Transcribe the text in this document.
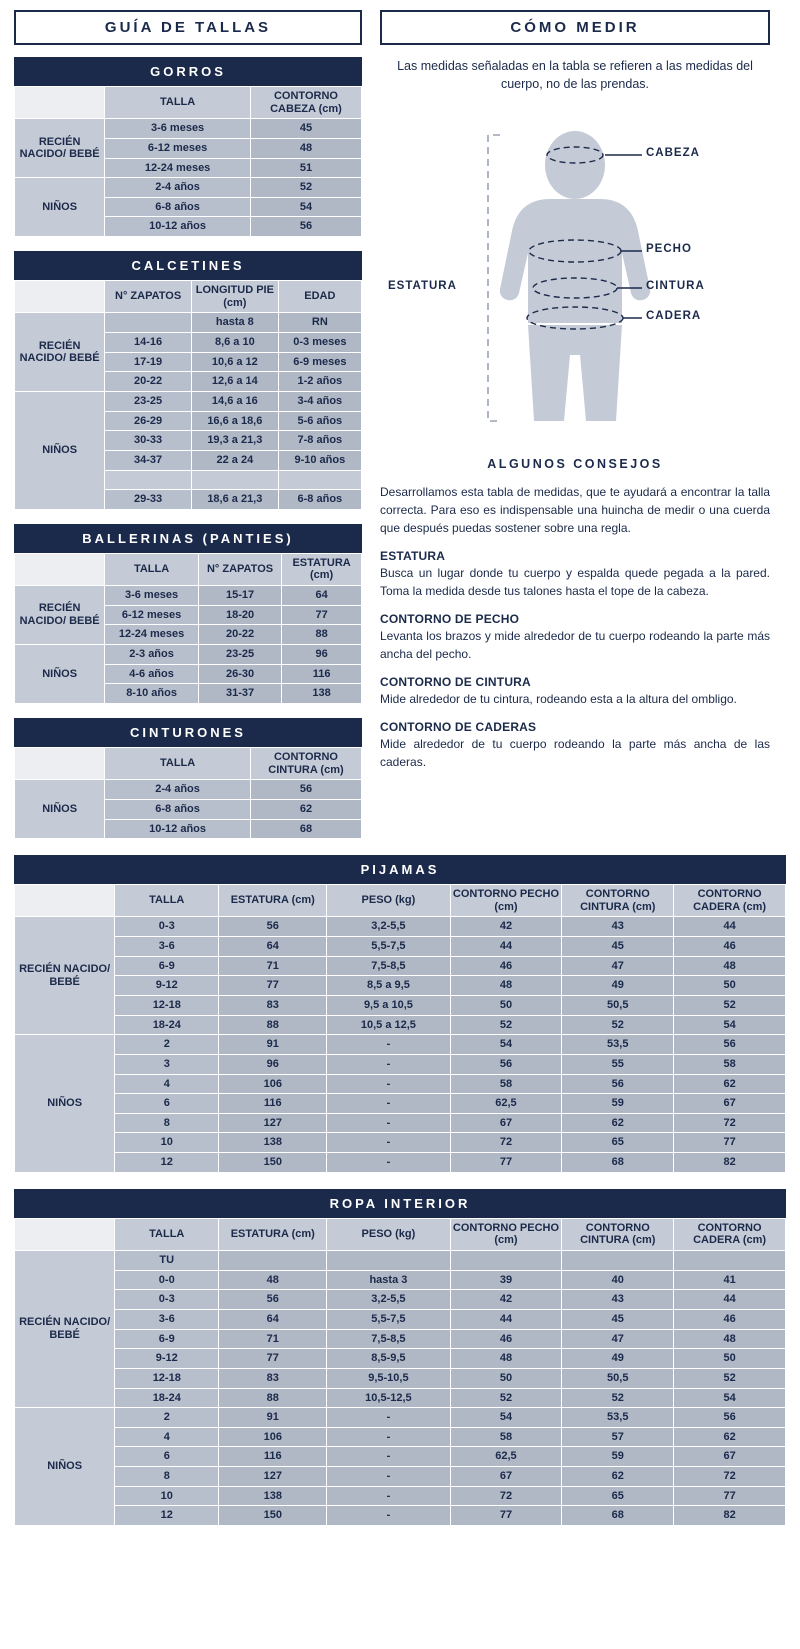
GUÍA DE TALLAS
GORROS
	TALLA	CONTORNO CABEZA (cm)
RECIÉN NACIDO/ BEBÉ	3-6 meses	45
	6-12 meses	48
	12-24 meses	51
NIÑOS	2-4 años	52
	6-8 años	54
	10-12 años	56
CALCETINES
	N° ZAPATOS	LONGITUD PIE (cm)	EDAD
RECIÉN NACIDO/ BEBÉ		hasta 8	RN
	14-16	8,6 a 10	0-3 meses
	17-19	10,6 a 12	6-9 meses
	20-22	12,6 a 14	1-2 años
NIÑOS	23-25	14,6 a 16	3-4 años
	26-29	16,6 a 18,6	5-6 años
	30-33	19,3 a 21,3	7-8 años
	34-37	22 a 24	9-10 años

	29-33	18,6 a 21,3	6-8 años
BALLERINAS (PANTIES)
	TALLA	N° ZAPATOS	ESTATURA (cm)
RECIÉN NACIDO/ BEBÉ	3-6 meses	15-17	64
	6-12 meses	18-20	77
	12-24 meses	20-22	88
NIÑOS	2-3 años	23-25	96
	4-6 años	26-30	116
	8-10 años	31-37	138
CINTURONES
	TALLA	CONTORNO CINTURA (cm)
NIÑOS	2-4 años	56
	6-8 años	62
	10-12 años	68
CÓMO MEDIR
Las medidas señaladas en la tabla se refieren a las medidas del cuerpo, no de las prendas.
CABEZA
PECHO
CINTURA
CADERA
ESTATURA
ALGUNOS CONSEJOS
Desarrollamos esta tabla de medidas, que te ayudará a encontrar la talla correcta. Para eso es indispensable una huincha de medir o una cuerda que después puedas sostener sobre una regla.
ESTATURA
Busca un lugar donde tu cuerpo y espalda quede pegada a la pared. Toma la medida desde tus talones hasta el tope de la cabeza.
CONTORNO DE PECHO
Levanta los brazos y mide alrededor de tu cuerpo rodeando la parte más ancha del pecho.
CONTORNO DE CINTURA
Mide alrededor de tu cintura, rodeando esta a la altura del ombligo.
CONTORNO DE CADERAS
Mide alrededor de tu cuerpo rodeando la parte más ancha de las caderas.
PIJAMAS
	TALLA	ESTATURA (cm)	PESO (kg)	CONTORNO PECHO (cm)	CONTORNO CINTURA (cm)	CONTORNO CADERA (cm)
RECIÉN NACIDO/ BEBÉ	0-3	56	3,2-5,5	42	43	44
	3-6	64	5,5-7,5	44	45	46
	6-9	71	7,5-8,5	46	47	48
	9-12	77	8,5 a 9,5	48	49	50
	12-18	83	9,5 a 10,5	50	50,5	52
	18-24	88	10,5 a 12,5	52	52	54
NIÑOS	2	91	-	54	53,5	56
	3	96	-	56	55	58
	4	106	-	58	56	62
	6	116	-	62,5	59	67
	8	127	-	67	62	72
	10	138	-	72	65	77
	12	150	-	77	68	82
ROPA INTERIOR
	TALLA	ESTATURA (cm)	PESO (kg)	CONTORNO PECHO (cm)	CONTORNO CINTURA (cm)	CONTORNO CADERA (cm)
RECIÉN NACIDO/ BEBÉ	TU					
	0-0	48	hasta 3	39	40	41
	0-3	56	3,2-5,5	42	43	44
	3-6	64	5,5-7,5	44	45	46
	6-9	71	7,5-8,5	46	47	48
	9-12	77	8,5-9,5	48	49	50
	12-18	83	9,5-10,5	50	50,5	52
	18-24	88	10,5-12,5	52	52	54
NIÑOS	2	91	-	54	53,5	56
	4	106	-	58	57	62
	6	116	-	62,5	59	67
	8	127	-	67	62	72
	10	138	-	72	65	77
	12	150	-	77	68	82
